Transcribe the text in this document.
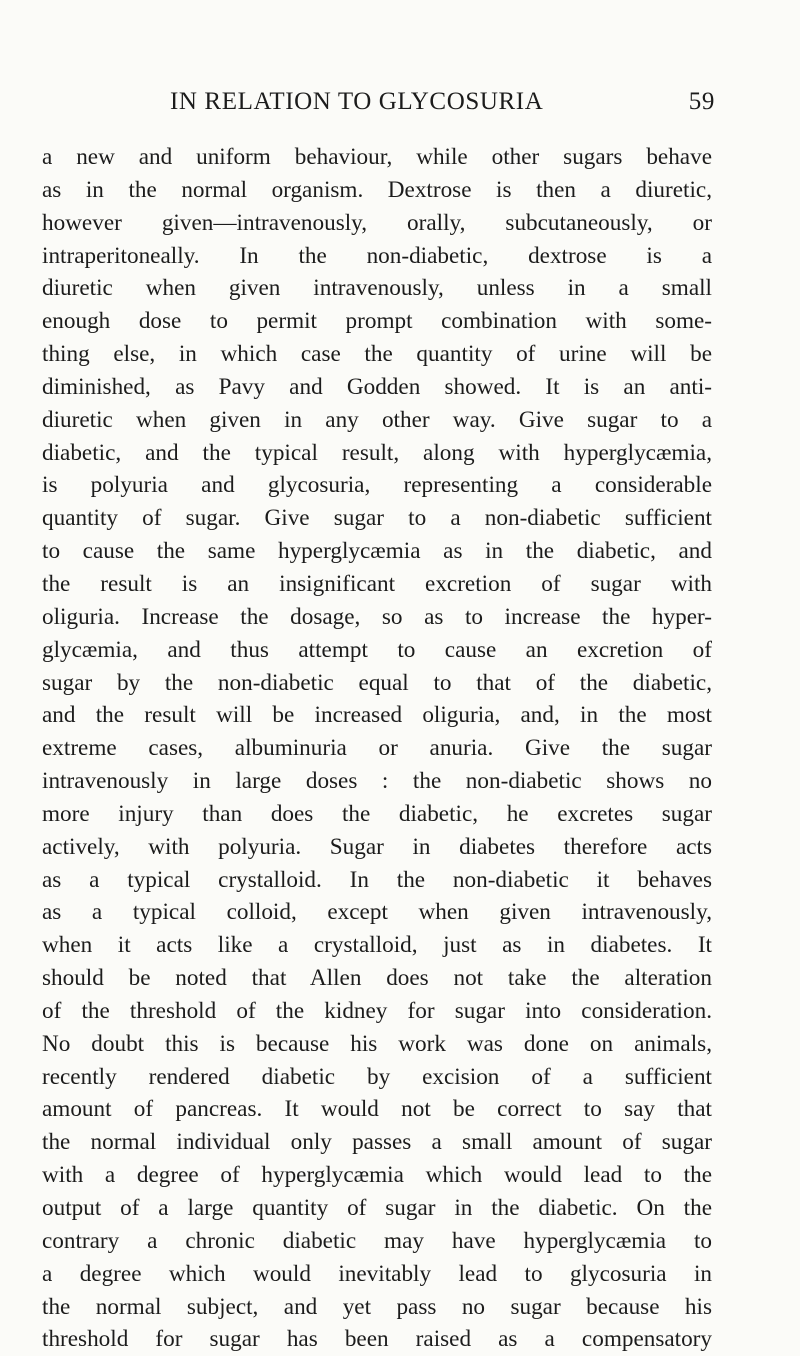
IN RELATION TO GLYCOSURIA	59
a new and uniform behaviour, while other sugars behave
as in the normal organism. Dextrose is then a diuretic,
however given—intravenously, orally, subcutaneously, or
intraperitoneally. In the non-diabetic, dextrose is a
diuretic when given intravenously, unless in a small
enough dose to permit prompt combination with some-
thing else, in which case the quantity of urine will be
diminished, as Pavy and Godden showed. It is an anti-
diuretic when given in any other way. Give sugar to a
diabetic, and the typical result, along with hyperglycæmia,
is polyuria and glycosuria, representing a considerable
quantity of sugar. Give sugar to a non-diabetic sufficient
to cause the same hyperglycæmia as in the diabetic, and
the result is an insignificant excretion of sugar with
oliguria. Increase the dosage, so as to increase the hyper-
glycæmia, and thus attempt to cause an excretion of
sugar by the non-diabetic equal to that of the diabetic,
and the result will be increased oliguria, and, in the most
extreme cases, albuminuria or anuria. Give the sugar
intravenously in large doses : the non-diabetic shows no
more injury than does the diabetic, he excretes sugar
actively, with polyuria. Sugar in diabetes therefore acts
as a typical crystalloid. In the non-diabetic it behaves
as a typical colloid, except when given intravenously,
when it acts like a crystalloid, just as in diabetes. It
should be noted that Allen does not take the alteration
of the threshold of the kidney for sugar into consideration.
No doubt this is because his work was done on animals,
recently rendered diabetic by excision of a sufficient
amount of pancreas. It would not be correct to say that
the normal individual only passes a small amount of sugar
with a degree of hyperglycæmia which would lead to the
output of a large quantity of sugar in the diabetic. On the
contrary a chronic diabetic may have hyperglycæmia to
a degree which would inevitably lead to glycosuria in
the normal subject, and yet pass no sugar because his
threshold for sugar has been raised as a compensatory
